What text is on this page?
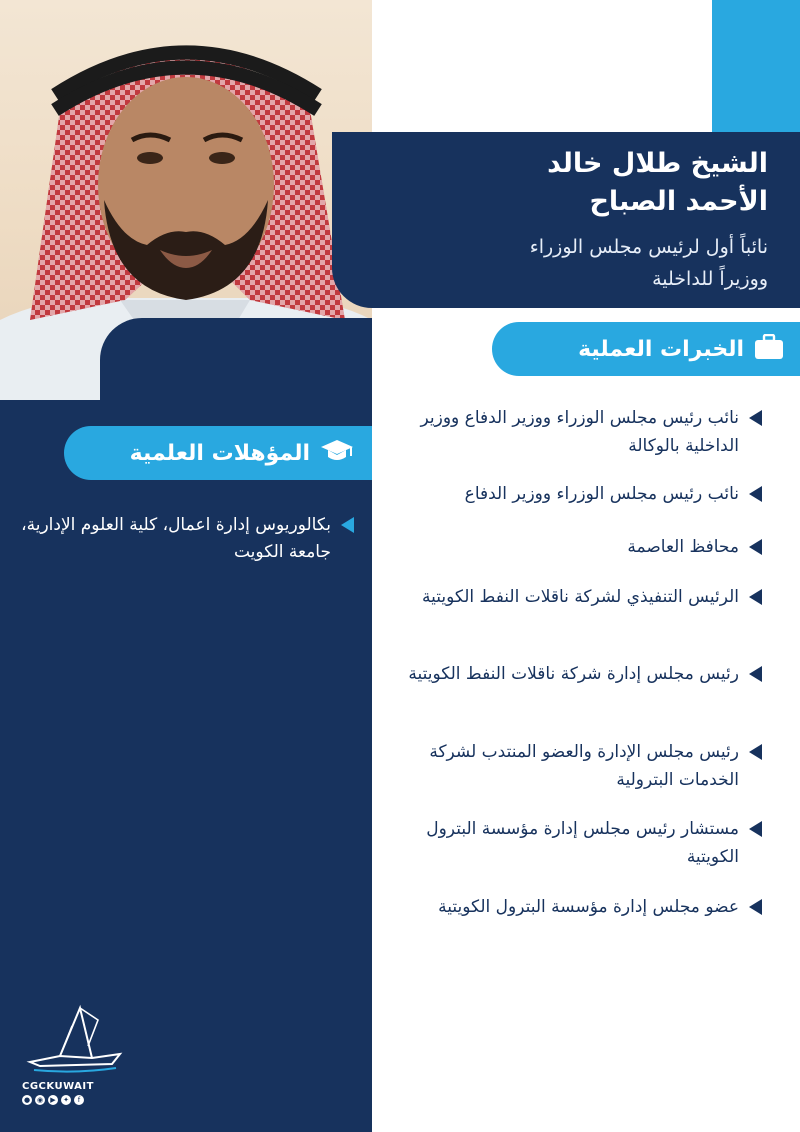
الشيخ طلال خالد
الأحمد الصباح
نائباً أول لرئيس مجلس الوزراء
ووزيراً للداخلية
الخبرات العملية
نائب رئيس مجلس الوزراء ووزير الدفاع ووزير الداخلية بالوكالة
نائب رئيس مجلس الوزراء ووزير الدفاع
محافظ العاصمة
الرئيس التنفيذي لشركة ناقلات النفط الكويتية
رئيس مجلس إدارة شركة ناقلات النفط الكويتية
رئيس مجلس الإدارة والعضو المنتدب لشركة الخدمات البترولية
مستشار رئيس مجلس إدارة مؤسسة البترول الكويتية
عضو مجلس إدارة مؤسسة البترول الكويتية
المؤهلات العلمية
بكالوريوس إدارة اعمال، كلية العلوم الإدارية، جامعة الكويت
CGCKUWAIT
● ◉	▶	✦	f
